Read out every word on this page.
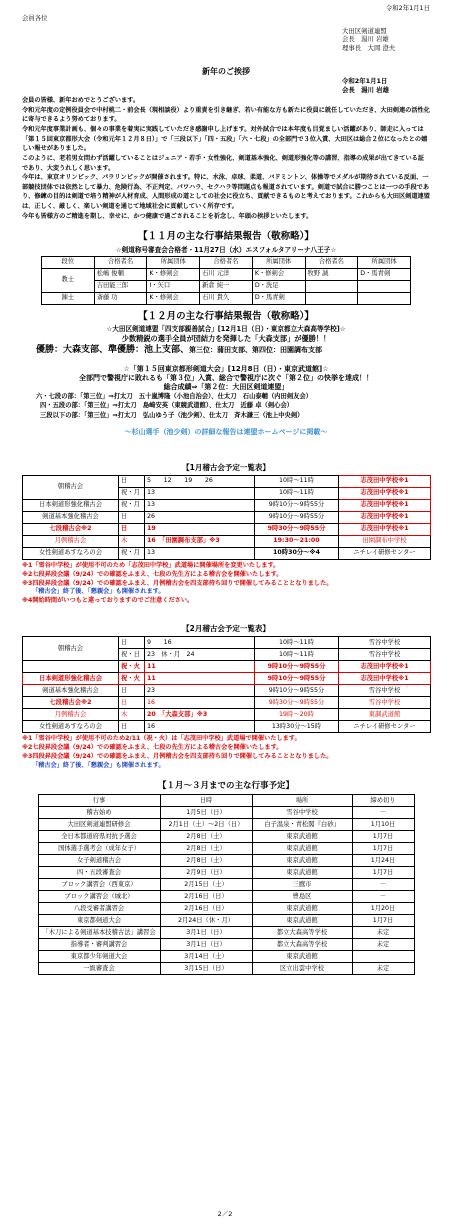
令和2年1月1日
会員各位
大田区剣道連盟
会長　湯川 岩雄
理事長　大岡 澄夫
新年のご挨拶
令和2年1月1日
会長　湯川 岩雄

会員の皆様、新年おめでとうございます。

令和元年度の定例役員会で中村桃二・前会長（現相談役）より重責を引き継ぎ、若い有能な方も新たに役員に就任していただき、大田剣連の活性化に寄与できるよう努めております。

令和元年度事業計画も、個々の事業を着実に実践していただき感謝申し上げます。対外試合では本年度も目覚ましい活躍があり、師走に入っては「第１５回東京都形大会（令和元年１２月８日）」で「三段以下」「四・五段」「六・七段」の全部門で３位入賞、大田区は総合２位になったとの嬉しい報せがありました。

このように、老若男女問わず活躍していることはジュニア・若手・女性強化、剣道基本強化、剣道形強化等の講習、指導の成果が出てきている証であり、大変うれしく思います。

今年は、東京オリンピック、パラリンピックが開催されます。特に、水泳、卓球、柔道、バドミントン、体操等でメダルが期待されている反面、一部競技団体では依然として暴力、危険行為、不正判定、パワハラ、セクハラ等問題点も報道されています。剣道で試合に勝つことは一つの手段であり、修練の目的は剣道で培う精神が人材育成、人間形成の道としての社会に役立ち、貢献できるものと考えております。これからも大田区剣道連盟は、正しく、厳しく、楽しい剣道を通じて地域社会に貢献していく所存です。

今年も皆様方のご精進を期し、幸せに、かつ健康で過ごされることを祈念し、年頭の挨拶といたします。

【１１月の主な行事結果報告（敬称略）】
☆剣道称号審査会合格者・11月27日（水）エスフォルタアリーナ八王子☆
段位	合格者名	所属団体	合格者名	所属団体	合格者名	所属団体
教士	松嶋 俊輔	K・修剣会	石川 元洋	K・修剣会	牧野 誠	D・馬青剣
	吉田能三郎	I・矢口	新倉 純一	D・洗足		
錬士	斎藤 功	K・修剣会	石川 貴久	D・馬青剣		
【１２月の主な行事結果報告（敬称略）】
☆大田区剣道連盟「四支部親善試合」[12月1日（日）・東京都立大森高等学校]☆
少数精鋭の選手全員が団結力を発揮した「大森支部」が優勝！！
優勝：大森支部、準優勝：池上支部、第三位：蒲田支部、第四位：田園調布支部
☆「第１５回東京都形剣道大会」[12月8日（日）・東京武道館]☆
全部門で警視庁に敗れるも「第３位」入賞、総合で警視庁に次ぐ「第２位」の快挙を達成！！
総合成績⇒「第２位：大田区剣道連盟」
六・七段の部：「第三位」⇒打太刀　五十嵐博隆（小池自治会）、仕太刀　石山泰輔（内田剣友会）
四・五段の部：「第三位」⇒打太刀　島崎安英（東競武道館）、仕太刀　近藤 卓（剣心会）
三段以下の部：「第三位」⇒打太刀　弘山ゆう子（池少剣）、仕太刀　斉木謙三（池上中央剣）
～杉山選手（池少剣）の詳細な報告は連盟ホームページに掲載～
【1月稽古会予定一覧表】
朝稽古会	日	5　　12　　19　　26	10時～11時	志茂田中学校※1
	祝・月	13	10時～11時	志茂田中学校※1
日本剣道形強化稽古会	祝・月	13	9時10分～9時55分	志茂田中学校※1
剣道基本強化稽古会	日	26	9時10分～9時55分	志茂田中学校※1
七段稽古会※2	日	19	9時30分～9時55分	志茂田中学校※1
月例稽古会	木	16　「田園調布支部」※3	19:30～21:00	田園調布中学校
女性剣道あすなろの会	祝・月	13	10時30分～※4	ニチレイ研修センター
※1「雪谷中学校」が使用不可のため「志茂田中学校」武道場に開催場所を変更いたします。
※2七段昇段会議（9/24）での確認をふまえ、七段の先生方による稽古会を開催いたします。
※3四段昇段会議（9/24）での確認をふまえ、月例稽古会を四支部持ち回りで開催してみることとなりました。
「稽古会」終了後、「懇親会」も開催されます。
※4開始時間がいつもと違っておりますのでご注意ください。
【2月稽古会予定一覧表】
朝稽古会	日	9　　16	10時～11時	雪谷中学校
	祝・日	23　休・月　24	10時～11時	雪谷中学校
	祝・火	11	9時10分～9時55分	志茂田中学校※1
日本剣道形強化稽古会	祝・火	11	9時10分～9時55分	志茂田中学校※1
剣道基本強化稽古会	日	23	9時10分～9時55分	雪谷中学校
七段稽古会※2	日	16	9時30分～9時55分	雪谷中学校
月例稽古会	木	20　「大森支部」※3	19時～20時	東調武道館
女性剣道あすなろの会	日	16	13時30分～15時	ニチレイ研修センター
※1「雪谷中学校」が使用不可のため2/11（祝・火）は「志茂田中学校」武道場で開催いたします。
※2七段昇段会議（9/24）での確認をふまえ、七段の先生方による稽古会を開催いたします。
※3四段昇段会議（9/24）での確認をふまえ、月例稽古会を四支部持ち回りで開催してみることとなりました。
「稽古会」終了後、「懇親会」も開催されます。
【１月～３月までの主な行事予定】
行事	日時	場所	締め切り
稽古始め	1月5日（日）	雪谷中学校	－
大田区剣道連盟研修会	2月1日（土）～2日（日）	白子温泉・青松閣『白砂』	1月10日
全日本都道府県対抗予選会	2月8日（土）	東京武道館	1月7日
国体選手選考会（成年女子）	2月8日（土）	東京武道館	1月7日
女子剣道稽古会	2月8日（土）	東京武道館	1月24日
四・五段審査会	2月9日（日）	東京武道館	1月7日
ブロック講習会（西東京）	2月15日（土）	三鷹市	－
ブロック講習会（城北）	2月16日（日）	豊島区	－
八段受審者講習会	2月16日（日）	東京武道館	1月20日
東京都剣道大会	2月24日（休・月）	東京武道館	1月7日
「木刀による剣道基本技稽古法」講習会	3月1日（日）	都立大森高等学校	未定
指導者・審判講習会	3月1日（日）	都立大森高等学校	未定
東京都少年剣道大会	3月14日（土）	東京武道館	
一級審査会	3月15日（日）	区立出雲中学校	未定
2／2
